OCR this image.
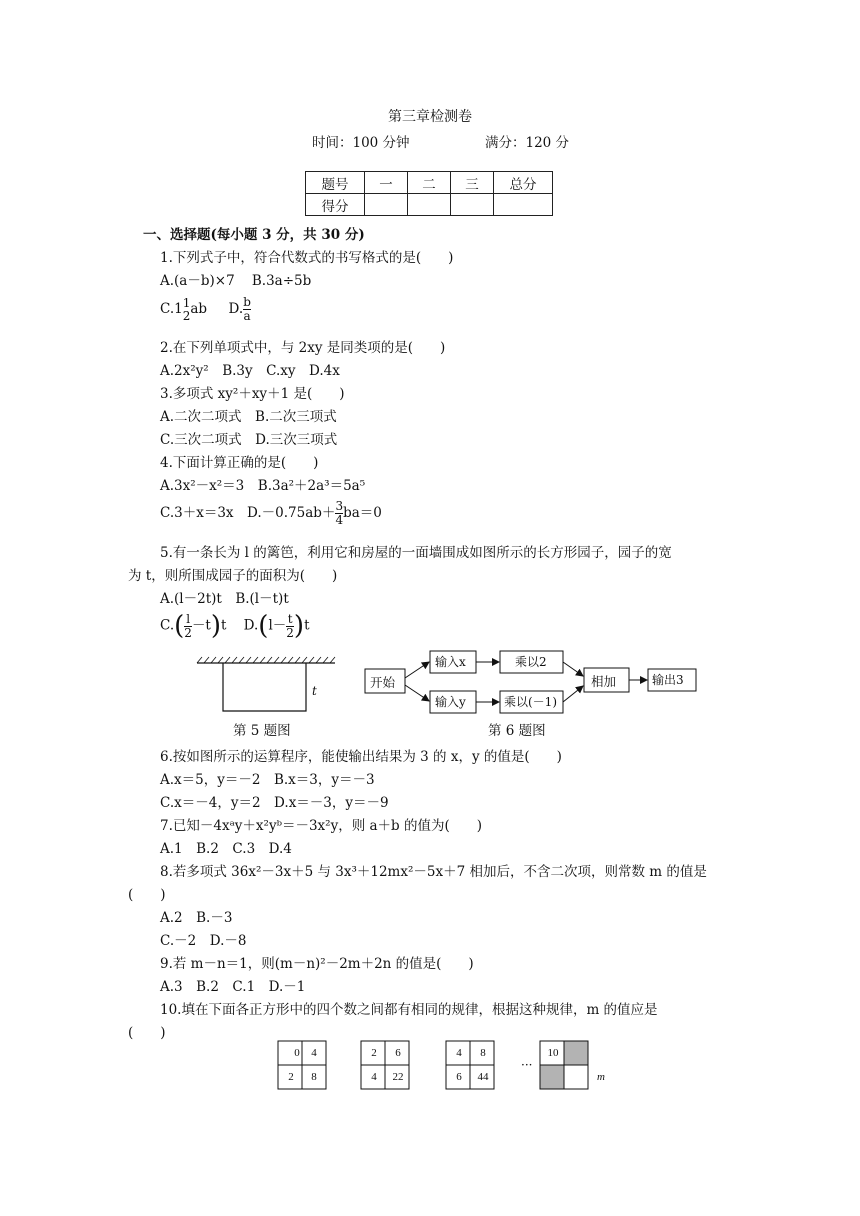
第三章检测卷
时间：100 分钟	满分：120 分
题号	一	二	三	总分
得分				
一、选择题(每小题 3 分，共 30 分)
1.下列式子中，符合代数式的书写格式的是(　　)
A.(a－b)×7 B.3a÷5b
C.1 1
2 ab D. $\frac{b}{a}$
2.在下列单项式中，与 2xy 是同类项的是(　　)
A.2x²y²　B.3y　C.xy　D.4x
3.多项式 xy²＋xy＋1 是(　　)
A.二次二项式　B.二次三项式
C.三次二项式　D.三次三项式
4.下面计算正确的是(　　)
A.3x²－x²＝3　B.3a²＋2a³＝5a⁵
C.3＋x＝3x　$D.-0.75ab+ \frac{3}{4} ba=0$
5.有一条长为 l 的篱笆，利用它和房屋的一面墙围成如图所示的长方形园子，园子的宽
为 t，则所围成园子的面积为(　　)
A.(l－2t)t　B.(l－t)t
$C.( \frac{l}{2} -t)t$ $D.(l- \frac{t}{2} )t$
t
第 5 题图
开始
输入x
输入y
乘以2
乘以(－1)
相加	输出3
第 6 题图
6.按如图所示的运算程序，能使输出结果为 3 的 x，y 的值是(　　)
A.x＝5，y＝－2　B.x＝3，y＝－3
C.x＝－4，y＝2　D.x＝－3，y＝－9
7.已知－4xᵃy＋x²yᵇ＝－3x²y，则 a＋b 的值为(　　)
A.1　B.2　C.3　D.4
8.若多项式 36x²－3x＋5 与 3x³＋12mx²－5x＋7 相加后，不含二次项，则常数 m 的值是
(　　)
A.2　B.－3
C.－2　D.－8
9.若 m－n＝1，则(m－n)²－2m＋2n 的值是(　　)
A.3　B.2　C.1　D.－1
10.填在下面各正方形中的四个数之间都有相同的规律，根据这种规律，m 的值应是
(　　)
0	4
2	8
2	6
4	22
4	8
6	44
···
10
m
